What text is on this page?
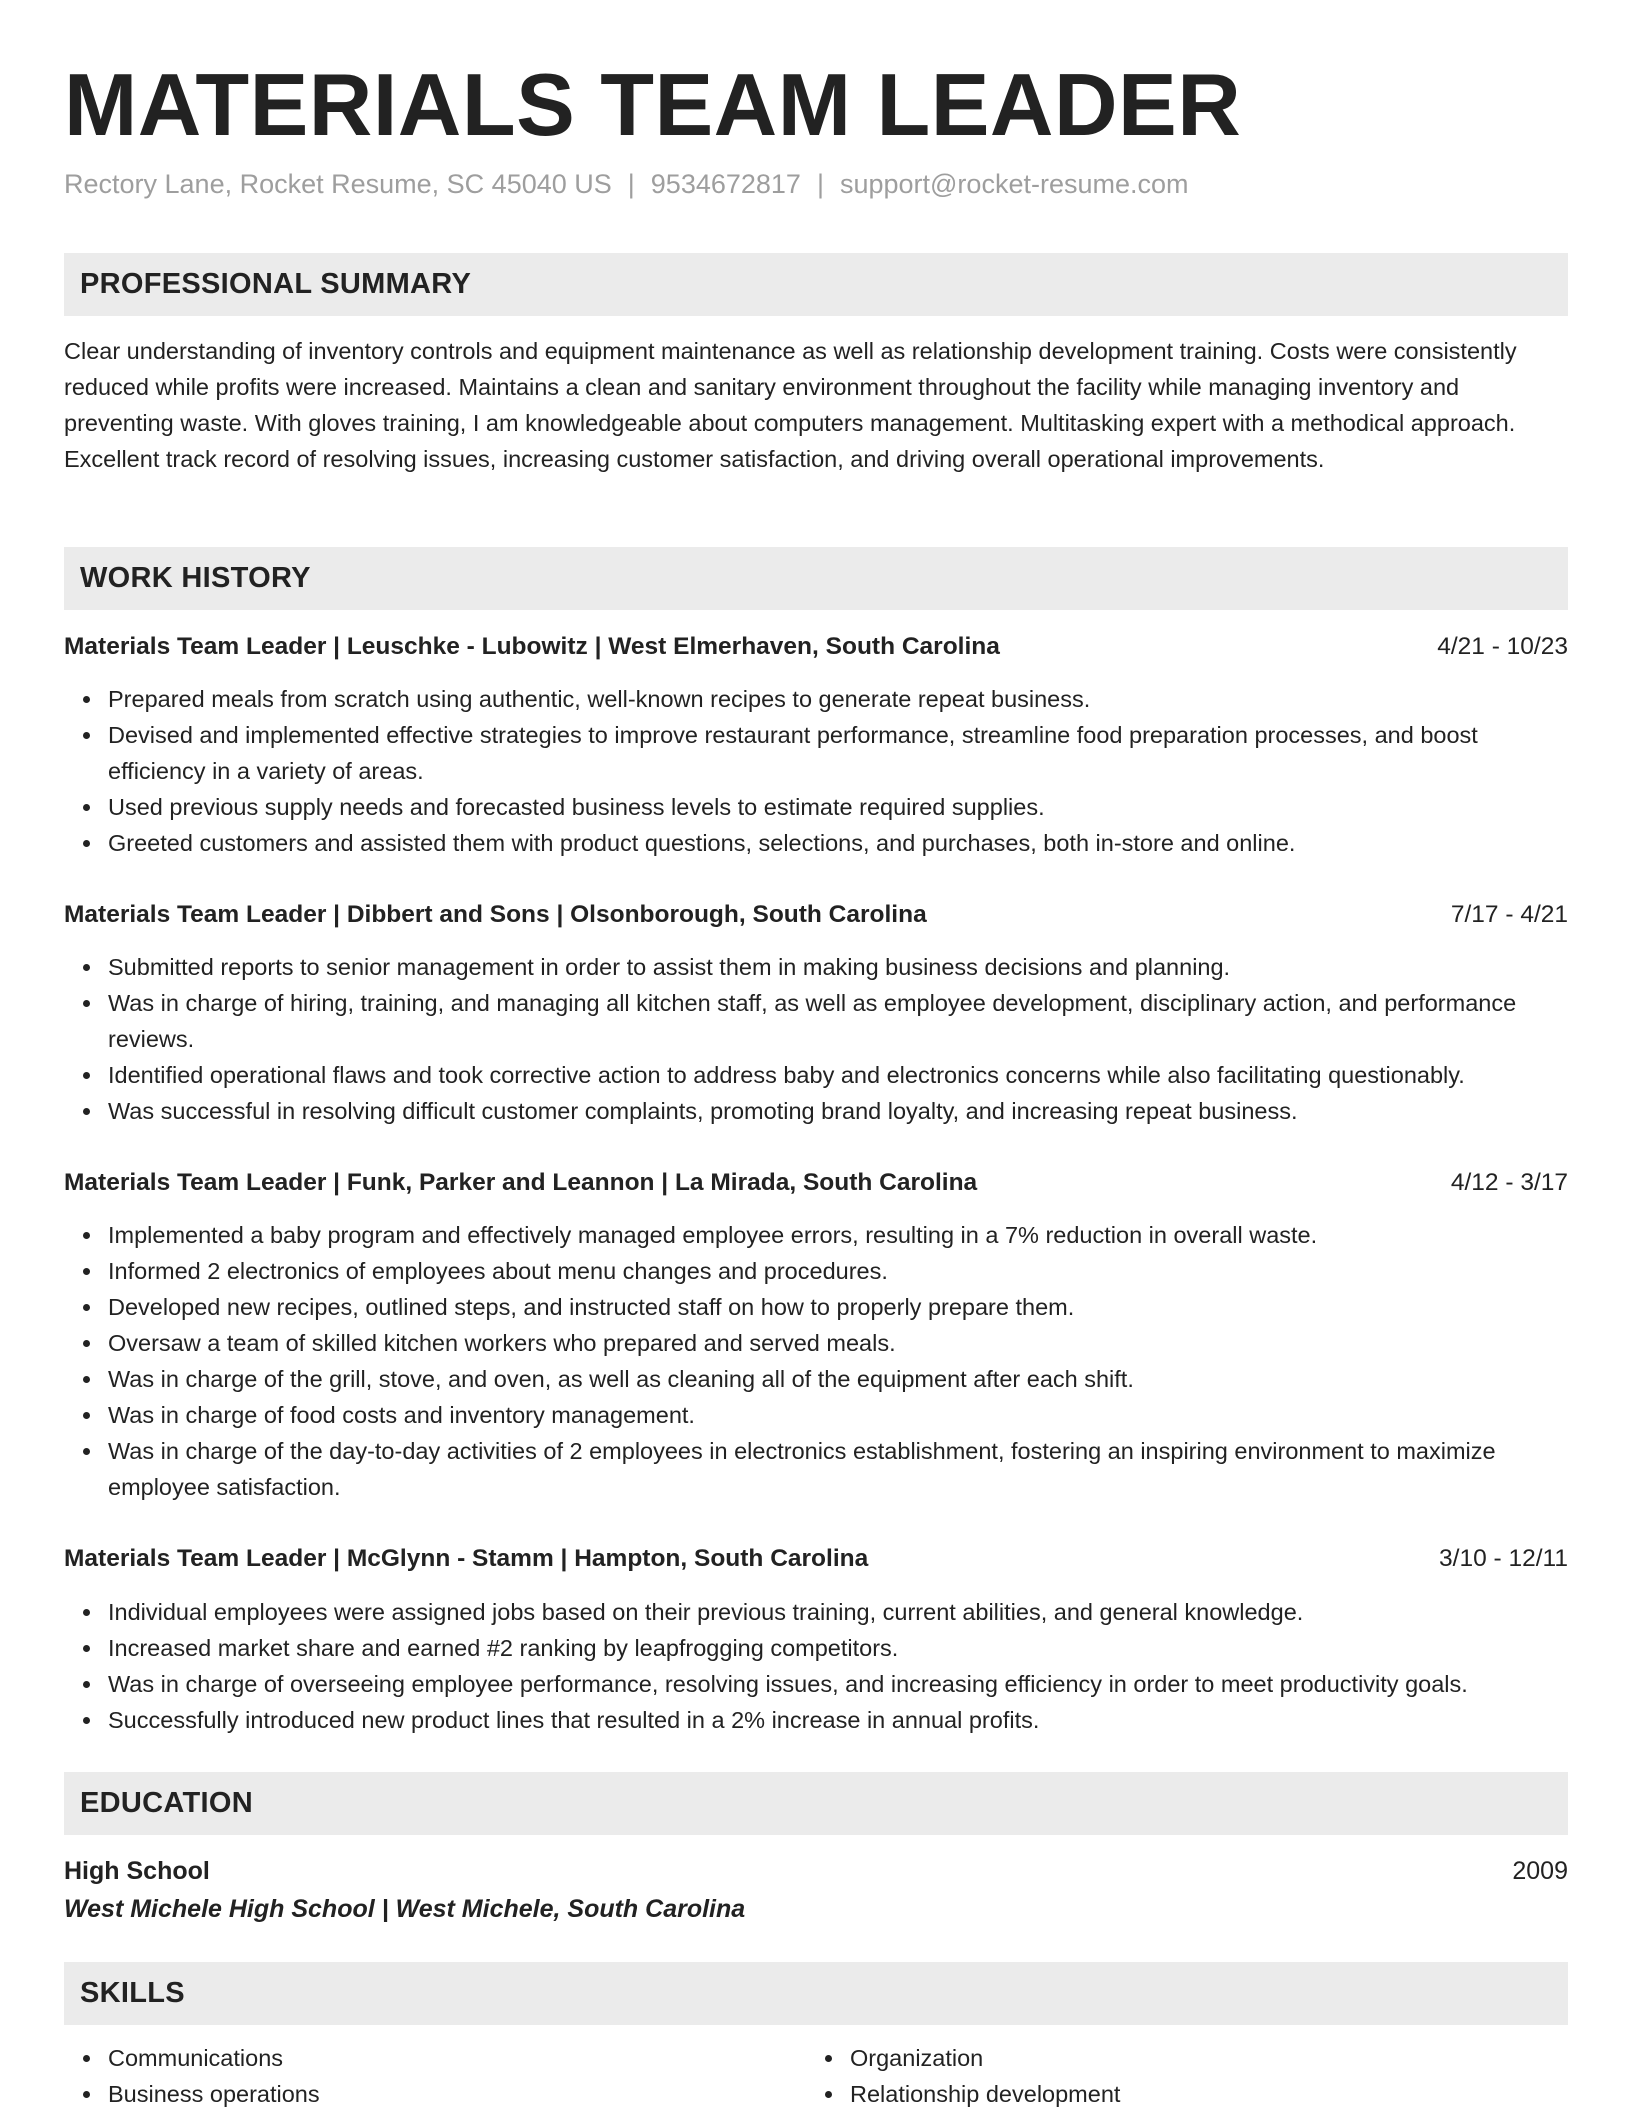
MATERIALS TEAM LEADER
Rectory Lane, Rocket Resume, SC 45040 US | 9534672817 | support@rocket-resume.com
PROFESSIONAL SUMMARY

Clear understanding of inventory controls and equipment maintenance as well as relationship development training. Costs were consistently reduced while profits were increased. Maintains a clean and sanitary environment throughout the facility while managing inventory and preventing waste. With gloves training, I am knowledgeable about computers management. Multitasking expert with a methodical approach. Excellent track record of resolving issues, increasing customer satisfaction, and driving overall operational improvements.

WORK HISTORY
Materials Team Leader | Leuschke - Lubowitz | West Elmerhaven, South Carolina	4/21 - 10/23
Prepared meals from scratch using authentic, well-known recipes to generate repeat business.
Devised and implemented effective strategies to improve restaurant performance, streamline food preparation processes, and boost efficiency in a variety of areas.
Used previous supply needs and forecasted business levels to estimate required supplies.
Greeted customers and assisted them with product questions, selections, and purchases, both in-store and online.
Materials Team Leader | Dibbert and Sons | Olsonborough, South Carolina	7/17 - 4/21
Submitted reports to senior management in order to assist them in making business decisions and planning.
Was in charge of hiring, training, and managing all kitchen staff, as well as employee development, disciplinary action, and performance reviews.
Identified operational flaws and took corrective action to address baby and electronics concerns while also facilitating questionably.
Was successful in resolving difficult customer complaints, promoting brand loyalty, and increasing repeat business.
Materials Team Leader | Funk, Parker and Leannon | La Mirada, South Carolina	4/12 - 3/17
Implemented a baby program and effectively managed employee errors, resulting in a 7% reduction in overall waste.
Informed 2 electronics of employees about menu changes and procedures.
Developed new recipes, outlined steps, and instructed staff on how to properly prepare them.
Oversaw a team of skilled kitchen workers who prepared and served meals.
Was in charge of the grill, stove, and oven, as well as cleaning all of the equipment after each shift.
Was in charge of food costs and inventory management.
Was in charge of the day-to-day activities of 2 employees in electronics establishment, fostering an inspiring environment to maximize employee satisfaction.
Materials Team Leader | McGlynn - Stamm | Hampton, South Carolina	3/10 - 12/11
Individual employees were assigned jobs based on their previous training, current abilities, and general knowledge.
Increased market share and earned #2 ranking by leapfrogging competitors.
Was in charge of overseeing employee performance, resolving issues, and increasing efficiency in order to meet productivity goals.
Successfully introduced new product lines that resulted in a 2% increase in annual profits.
EDUCATION
High School	2009
West Michele High School | West Michele, South Carolina
SKILLS
Communications
Business operations
Organization
Relationship development
